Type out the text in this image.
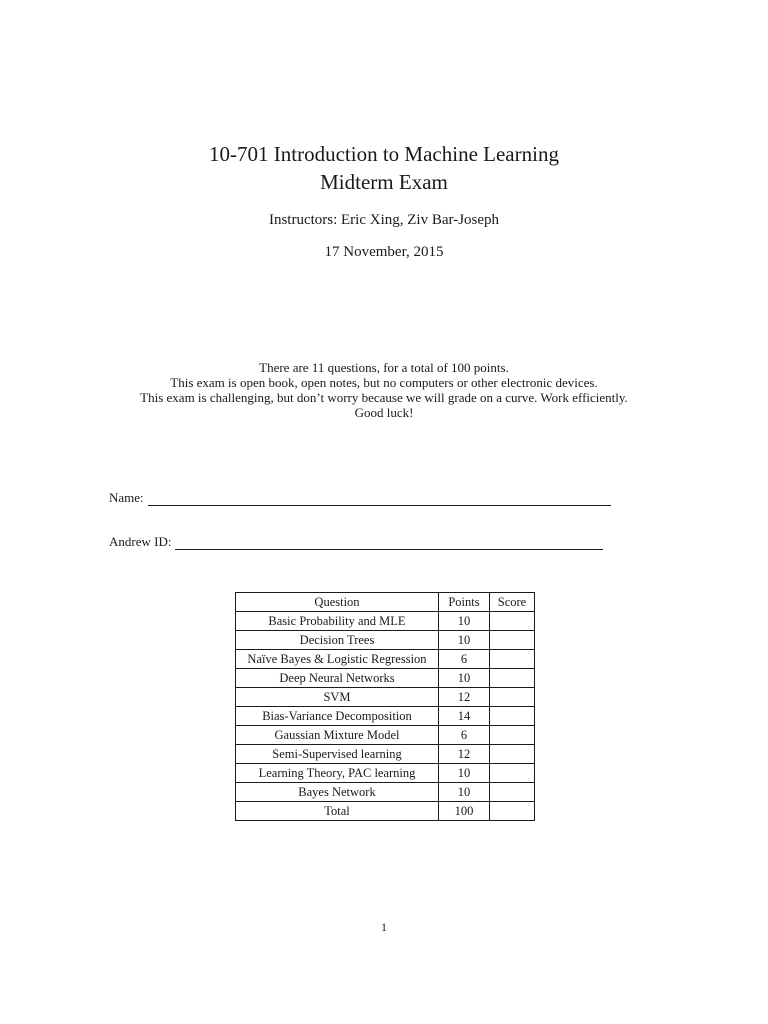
10-701 Introduction to Machine Learning
Midterm Exam
Instructors: Eric Xing, Ziv Bar-Joseph
17 November, 2015
There are 11 questions, for a total of 100 points.
This exam is open book, open notes, but no computers or other electronic devices.
This exam is challenging, but don’t worry because we will grade on a curve. Work efficiently.
Good luck!
Name:
Andrew ID:
Question	Points	Score
Basic Probability and MLE	10	
Decision Trees	10	
Naïve Bayes & Logistic Regression	6	
Deep Neural Networks	10	
SVM	12	
Bias-Variance Decomposition	14	
Gaussian Mixture Model	6	
Semi-Supervised learning	12	
Learning Theory, PAC learning	10	
Bayes Network	10	
Total	100	
1
